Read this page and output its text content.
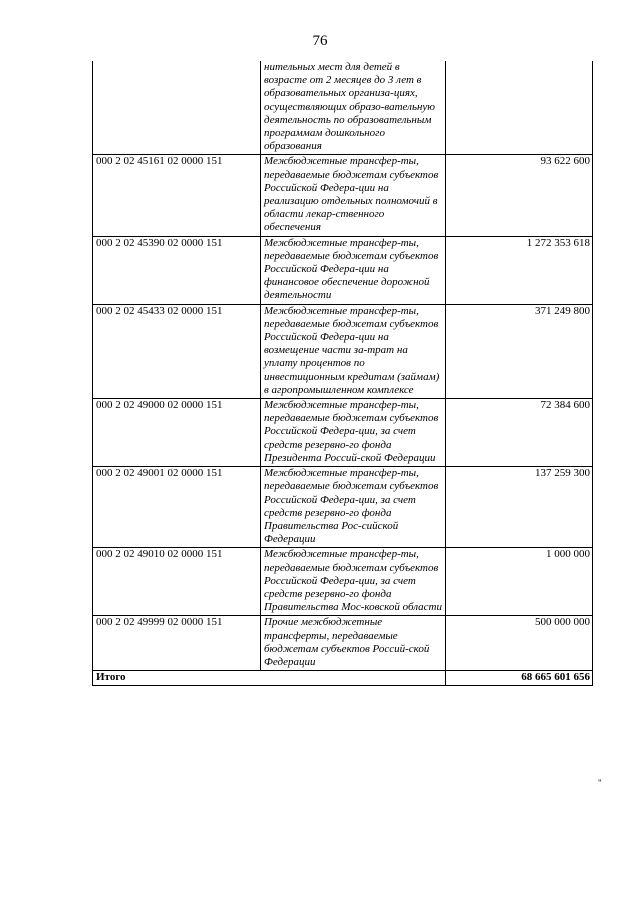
76
	нительных мест для детей в возрасте от 2 месяцев до 3 лет в образовательных организа-циях, осуществляющих образо-вательную деятельность по образовательным программам дошкольного образования	
000 2 02 45161 02 0000 151	Межбюджетные трансфер-ты, передаваемые бюджетам субъектов Российской Федера-ции на реализацию отдельных полномочий в области лекар-ственного обеспечения	93 622 600
000 2 02 45390 02 0000 151	Межбюджетные трансфер-ты, передаваемые бюджетам субъектов Российской Федера-ции на финансовое обеспечение дорожной деятельности	1 272 353 618
000 2 02 45433 02 0000 151	Межбюджетные трансфер-ты, передаваемые бюджетам субъектов Российской Федера-ции на возмещение части за-трат на уплату процентов по инвестиционным кредитам (займам) в агропромышленном комплексе	371 249 800
000 2 02 49000 02 0000 151	Межбюджетные трансфер-ты, передаваемые бюджетам субъектов Российской Федера-ции, за счет средств резервно-го фонда Президента Россий-ской Федерации	72 384 600
000 2 02 49001 02 0000 151	Межбюджетные трансфер-ты, передаваемые бюджетам субъектов Российской Федера-ции, за счет средств резервно-го фонда Правительства Рос-сийской Федерации	137 259 300
000 2 02 49010 02 0000 151	Межбюджетные трансфер-ты, передаваемые бюджетам субъектов Российской Федера-ции, за счет средств резервно-го фонда Правительства Мос-ковской области	1 000 000
000 2 02 49999 02 0000 151	Прочие межбюджетные трансферты, передаваемые бюджетам субъектов Россий-ской Федерации	500 000 000
Итого		68 665 601 656
"
